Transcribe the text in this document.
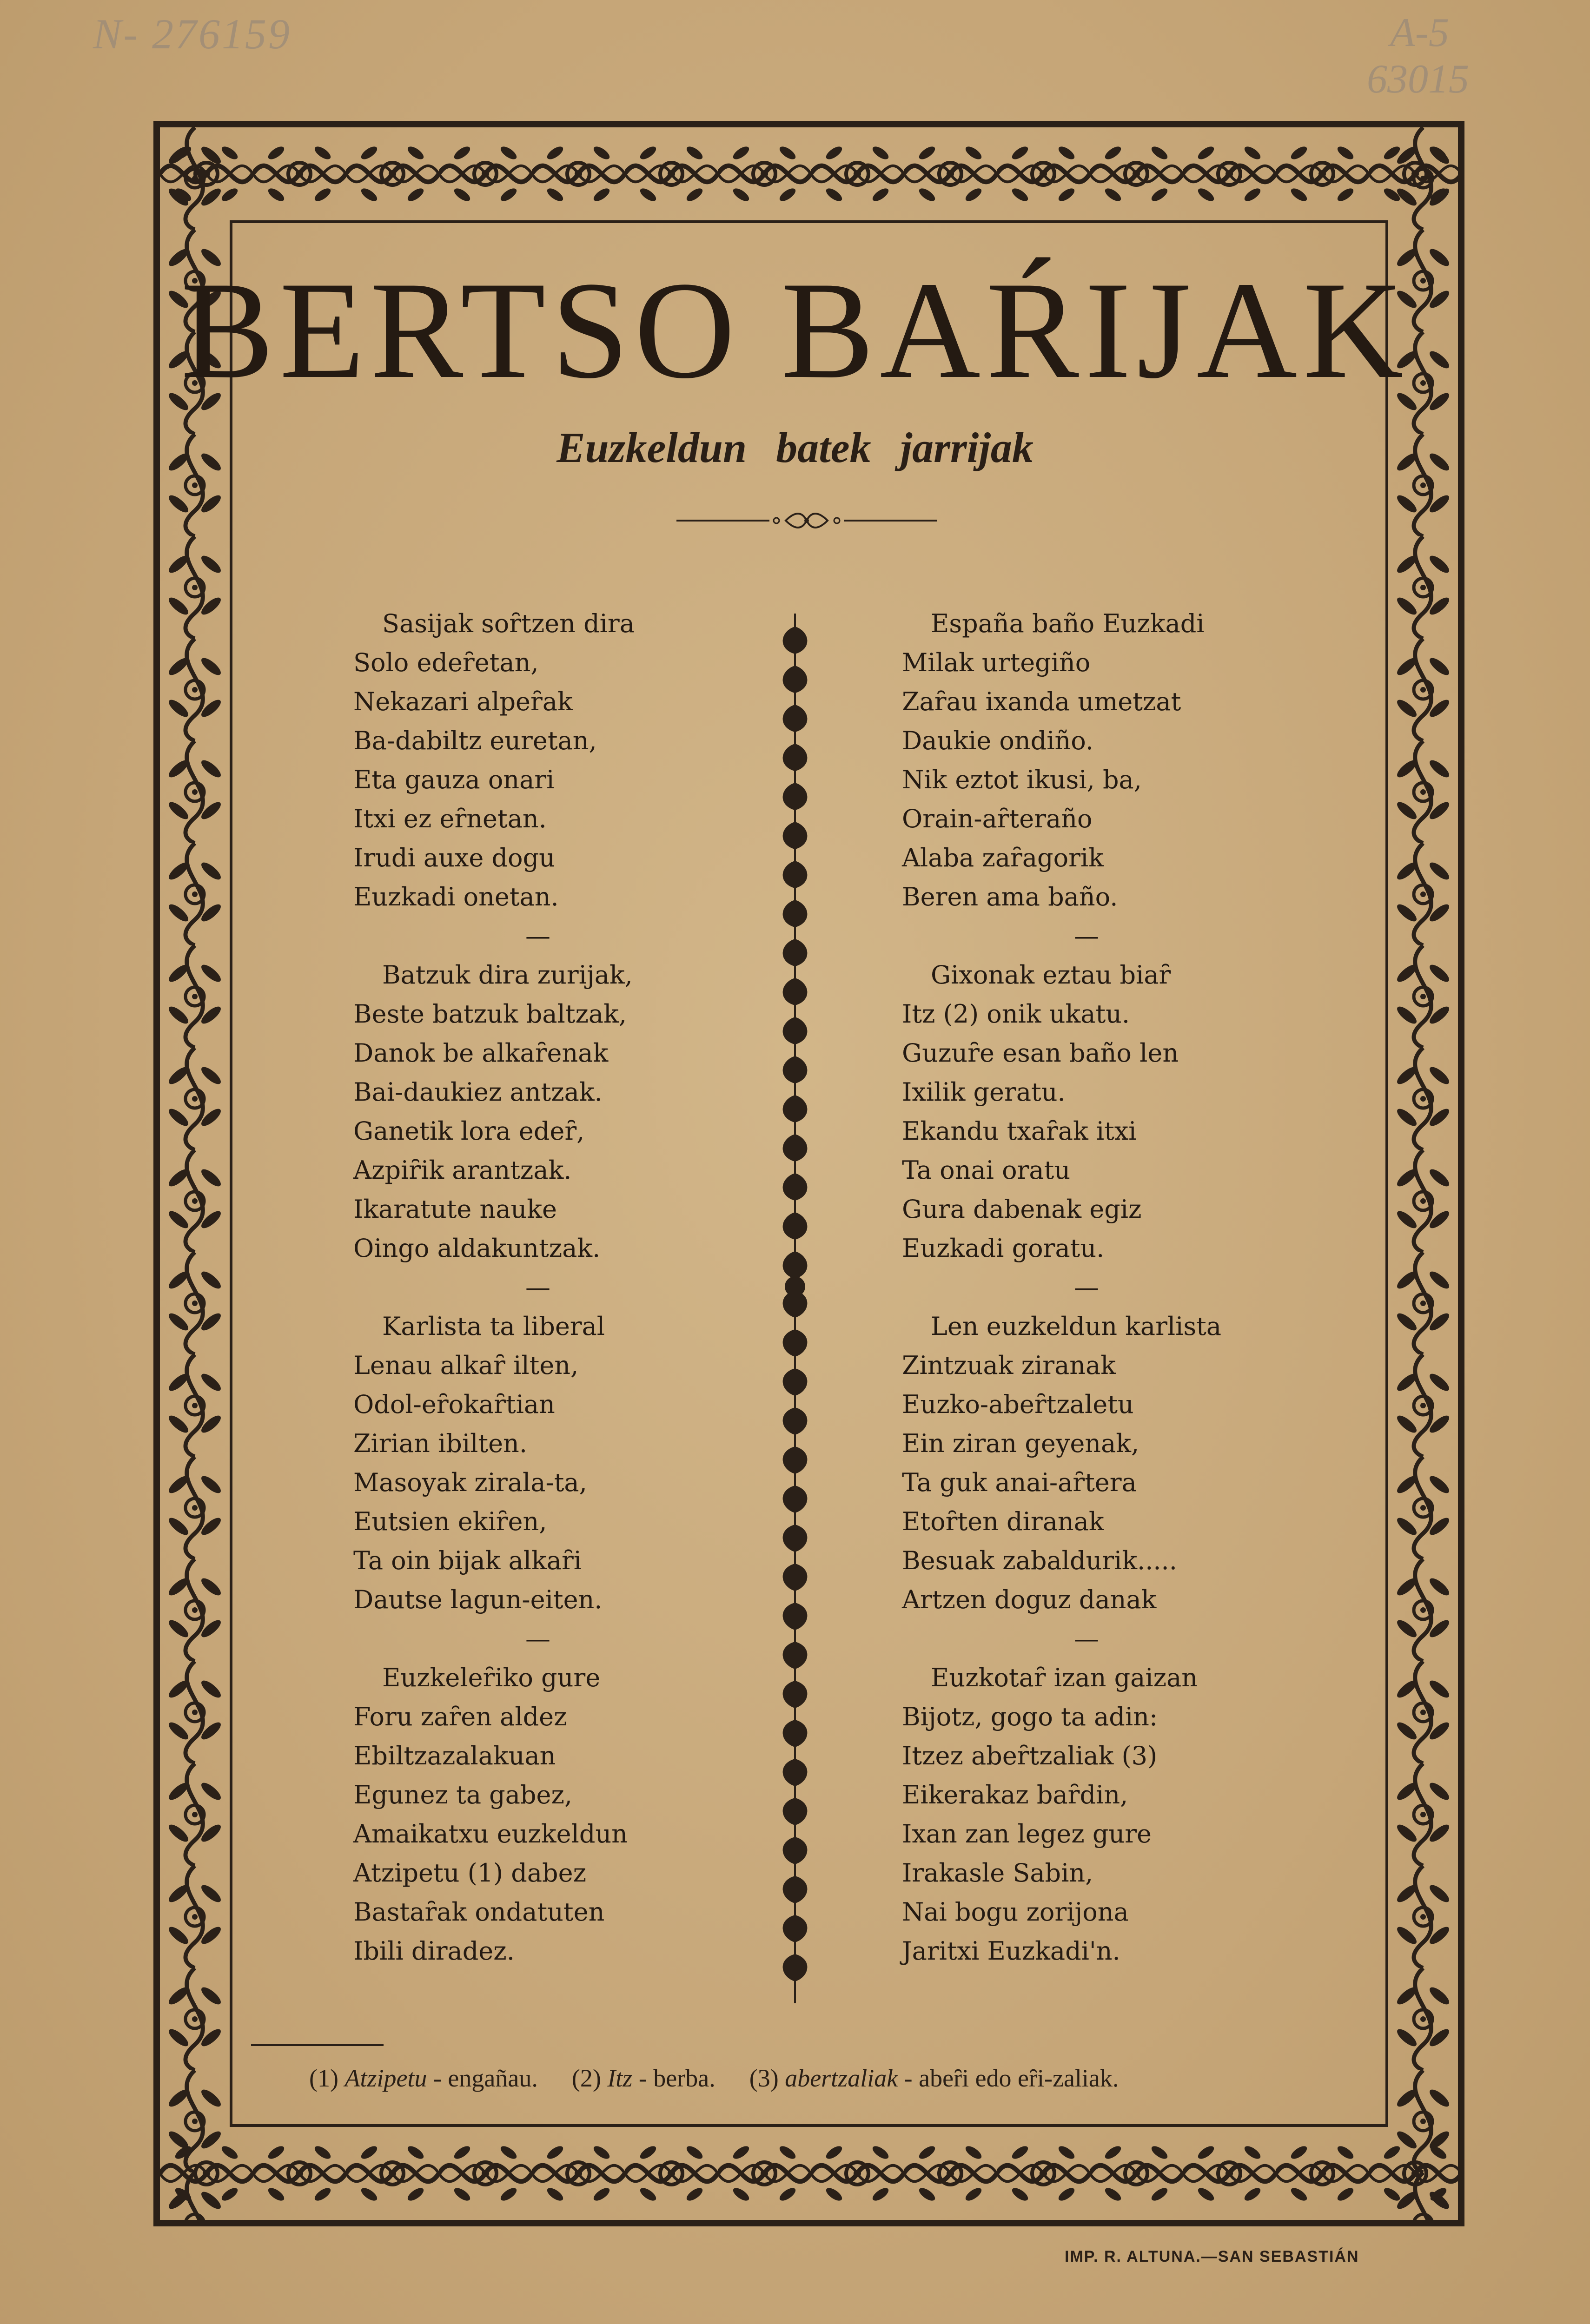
N- 276159	A-5
63015
BERTSO BAŔIJAK
Euzkeldun batek jarrijak
Sasijak soȓtzen dira
Solo edeȓetan,
Nekazari alpeȓak
Ba-dabiltz euretan,
Eta gauza onari
Itxi ez eȓnetan.
Irudi auxe dogu
Euzkadi onetan.
—
Batzuk dira zurijak,
Beste batzuk baltzak,
Danok be alkaȓenak
Bai-daukiez antzak.
Ganetik lora edeȓ,
Azpiȓik arantzak.
Ikaratute nauke
Oingo aldakuntzak.
—
Karlista ta liberal
Lenau alkaȓ ilten,
Odol-eȓokaȓtian
Zirian ibilten.
Masoyak zirala-ta,
Eutsien ekiȓen,
Ta oin bijak alkaȓi
Dautse lagun-eiten.
—
Euzkeleȓiko gure
Foru zaȓen aldez
Ebiltzazalakuan
Egunez ta gabez,
Amaikatxu euzkeldun
Atzipetu (1) dabez
Bastaȓak ondatuten
Ibili diradez.
España baño Euzkadi
Milak urtegiño
Zaȓau ixanda umetzat
Daukie ondiño.
Nik eztot ikusi, ba,
Orain-aȓteraño
Alaba zaȓagorik
Beren ama baño.
—
Gixonak eztau biaȓ
Itz (2) onik ukatu.
Guzuȓe esan baño len
Ixilik geratu.
Ekandu txaȓak itxi
Ta onai oratu
Gura dabenak egiz
Euzkadi goratu.
—
Len euzkeldun karlista
Zintzuak ziranak
Euzko-abeȓtzaletu
Ein ziran geyenak,
Ta guk anai-aȓtera
Etoȓten diranak
Besuak zabaldurik.....
Artzen doguz danak
—
Euzkotaȓ izan gaizan
Bijotz, gogo ta adin:
Itzez abeȓtzaliak (3)
Eikerakaz baȓdin,
Ixan zan legez gure
Irakasle Sabin,
Nai bogu zorijona
Jaritxi Euzkadi'n.
(1) Atzipetu - engañau. (2) Itz - berba. (3) abertzaliak - abeȓi edo eȓi-zaliak.
IMP. R. ALTUNA.—SAN SEBASTIÁN
